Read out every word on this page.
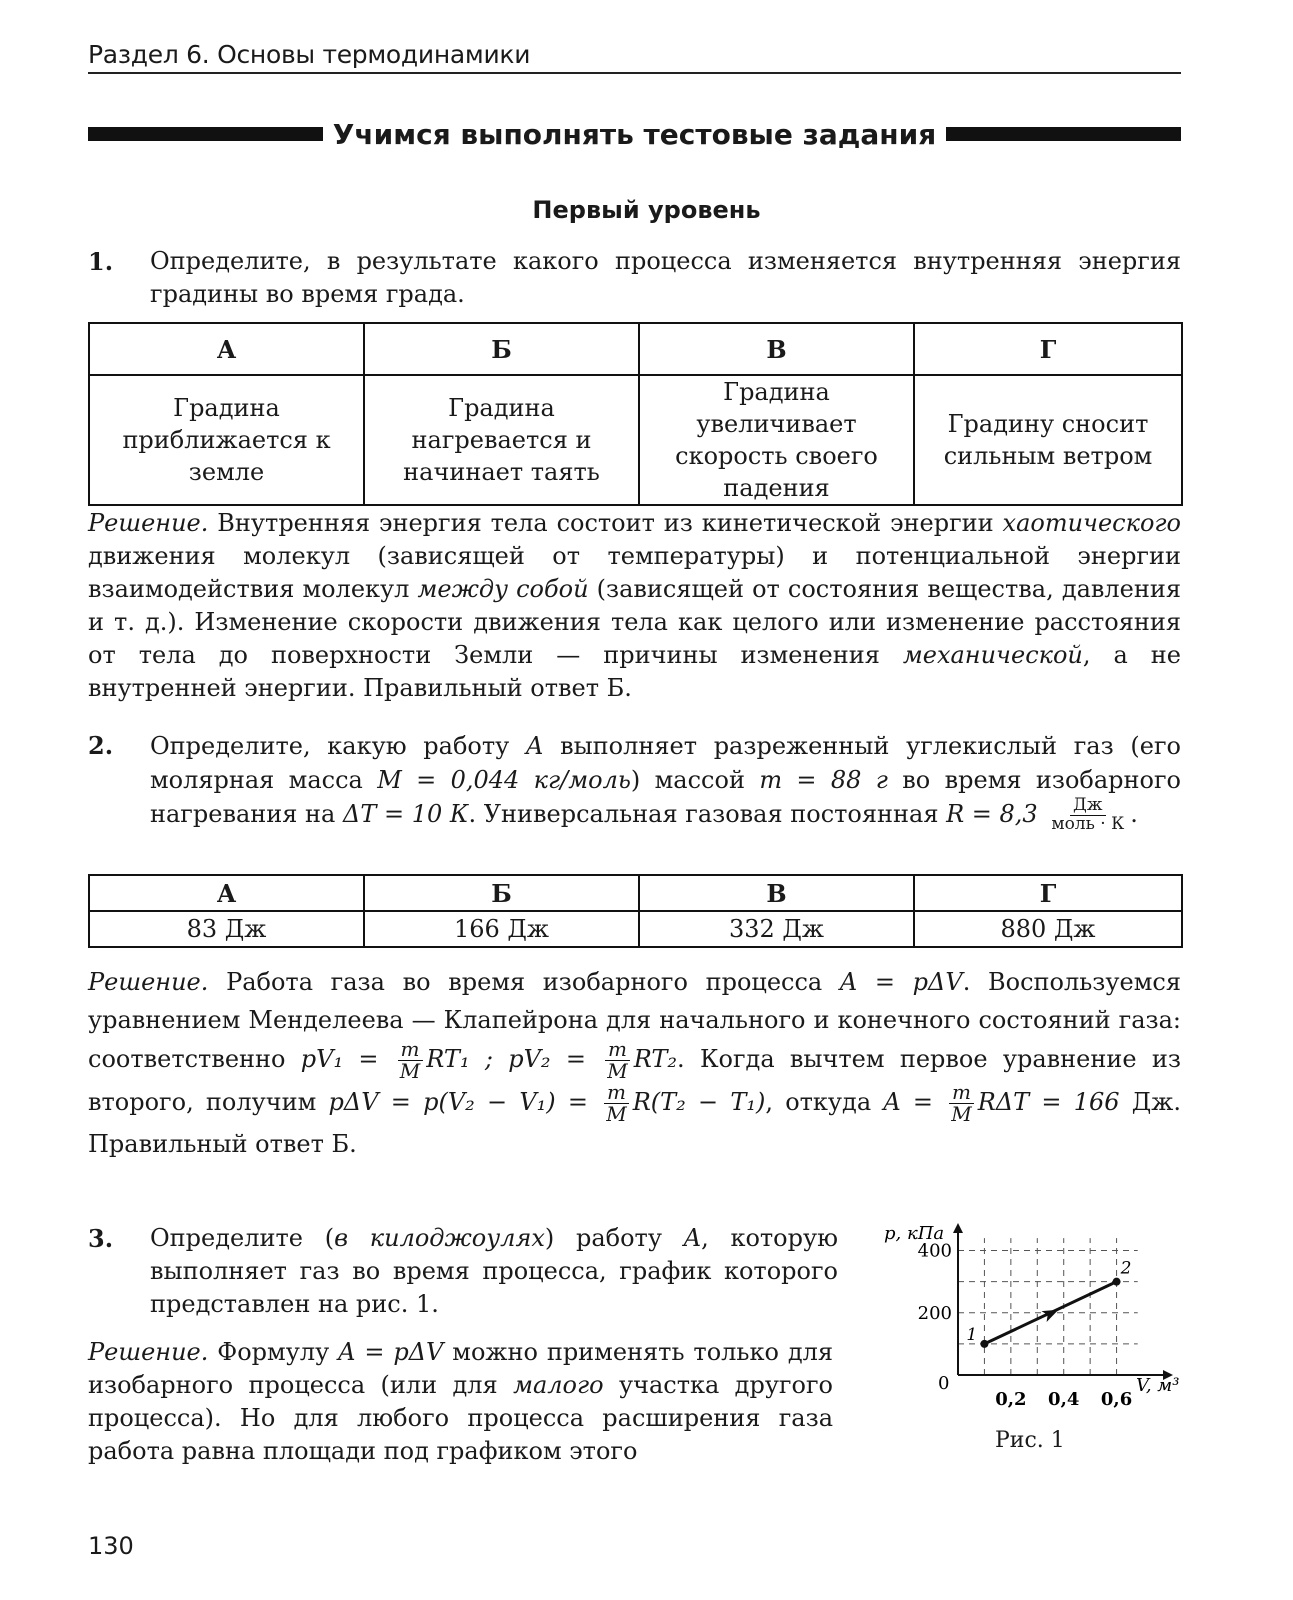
Раздел 6. Основы термодинамики
Учимся выполнять тестовые задания
Первый уровень
1. Определите, в результате какого процесса изменяется внутренняя энергия градины во время града.
А	Б	В	Г
Градина приближается к земле	Градина нагревается и начинает таять	Градина увеличивает скорость своего падения	Градину сносит сильным ветром
Решение. Внутренняя энергия тела состоит из кинетической энергии хаотического движения молекул (зависящей от температуры) и потенциальной энергии взаимодействия молекул между собой (зависящей от состояния вещества, давления и т. д.). Изменение скорости движения тела как целого или изменение расстояния от тела до поверхности Земли — причины изменения механической, а не внутренней энергии. Правильный ответ Б.
2. Определите, какую работу A выполняет разреженный углекислый газ (его молярная масса M = 0,044 кг/моль) массой m = 88 г во время изобарного нагревания на ΔT = 10 К. Универсальная газовая постоянная $R = 8,3 \frac{Дж}{\text{моль · К}}$ .
А	Б	В	Г
83 Дж	166 Дж	332 Дж	880 Дж
Решение. Работа газа во время изобарного процесса A = pΔV. Воспользуемся уравнением Менделеева — Клапейрона для начального и конечного состояний газа: соответственно $pV_1 = \frac{m}{M} RT_1$ ; $pV_2 = \frac{m}{M} RT_2$. Когда вычтем первое уравнение из второго, получим $p\Delta V = p(V_2 - V_1) = \frac{m}{M} R(T_2 - T_1)$, откуда $A = \frac{m}{M}$ RΔT = 166 Дж. Правильный ответ Б.
3. Определите (в килоджоулях) работу A, которую выполняет газ во время процесса, график которого представлен на рис. 1.
Решение. Формулу A = pΔV можно применять только для изобарного процесса (или для малого участка другого процесса). Но для любого процесса расширения газа работа равна площади под графиком этого
0,2 0,4 0,6
200
400
1
2
p, кПа
V, м³
0
Рис. 1
130
